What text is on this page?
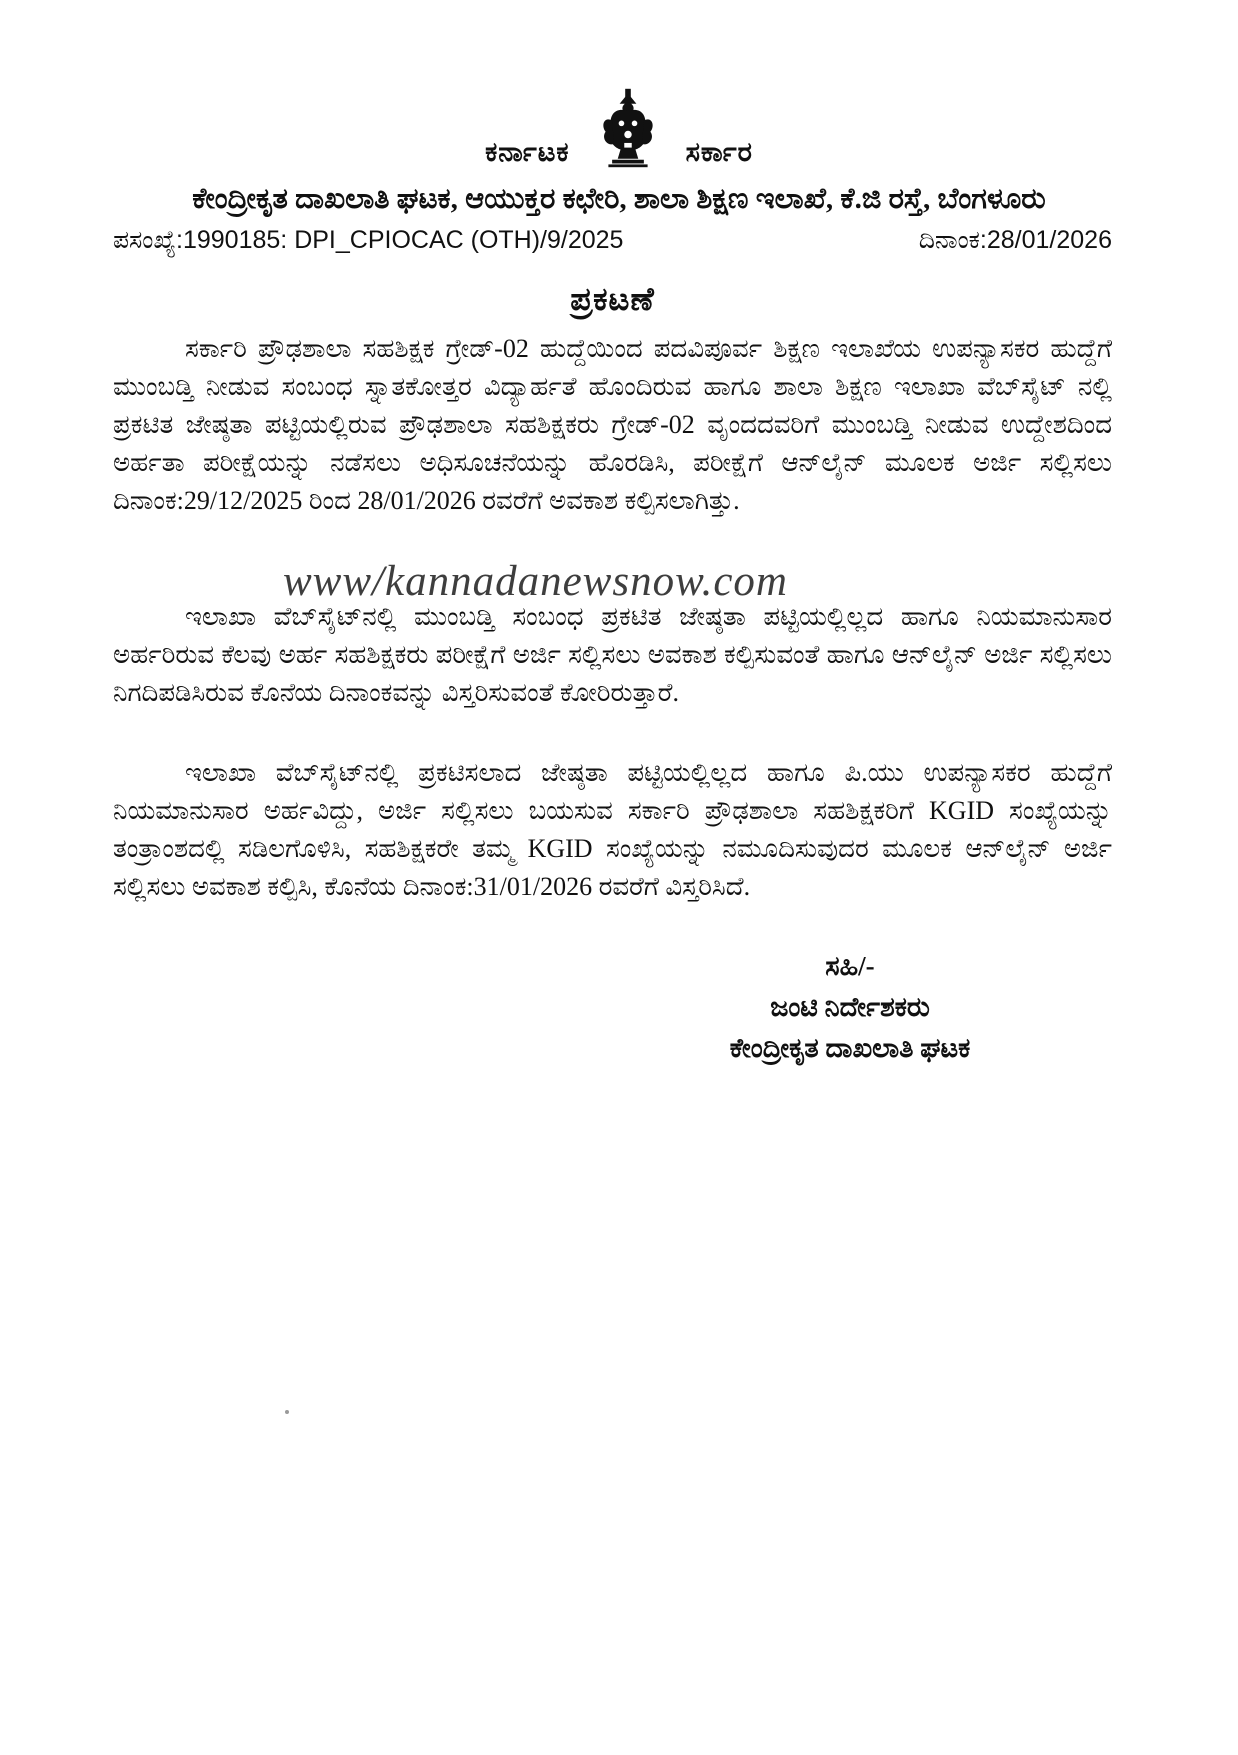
ಕರ್ನಾಟಕ	ಸರ್ಕಾರ
ಕೇಂದ್ರೀಕೃತ ದಾಖಲಾತಿ ಘಟಕ, ಆಯುಕ್ತರ ಕಛೇರಿ, ಶಾಲಾ ಶಿಕ್ಷಣ ಇಲಾಖೆ, ಕೆ.ಜಿ ರಸ್ತೆ, ಬೆಂಗಳೂರು
ಪಸಂಖ್ಯೆ:1990185: DPI_CPIOCAC (OTH)/9/2025	ದಿನಾಂಕ:28/01/2026
ಪ್ರಕಟಣೆ

ಸರ್ಕಾರಿ ಪ್ರೌಢಶಾಲಾ ಸಹಶಿಕ್ಷಕ ಗ್ರೇಡ್-02 ಹುದ್ದೆಯಿಂದ ಪದವಿಪೂರ್ವ ಶಿಕ್ಷಣ ಇಲಾಖೆಯ ಉಪನ್ಯಾಸಕರ ಹುದ್ದೆಗೆ ಮುಂಬಡ್ತಿ ನೀಡುವ ಸಂಬಂಧ ಸ್ನಾತಕೋತ್ತರ ವಿದ್ಯಾರ್ಹತೆ ಹೊಂದಿರುವ ಹಾಗೂ ಶಾಲಾ ಶಿಕ್ಷಣ ಇಲಾಖಾ ವೆಬ್‌ಸೈಟ್ ನಲ್ಲಿ ಪ್ರಕಟಿತ ಜೇಷ್ಠತಾ ಪಟ್ಟಿಯಲ್ಲಿರುವ ಪ್ರೌಢಶಾಲಾ ಸಹಶಿಕ್ಷಕರು ಗ್ರೇಡ್-02 ವೃಂದದವರಿಗೆ ಮುಂಬಡ್ತಿ ನೀಡುವ ಉದ್ದೇಶದಿಂದ ಅರ್ಹತಾ ಪರೀಕ್ಷೆಯನ್ನು ನಡೆಸಲು ಅಧಿಸೂಚನೆಯನ್ನು ಹೊರಡಿಸಿ, ಪರೀಕ್ಷೆಗೆ ಆನ್‌ಲೈನ್ ಮೂಲಕ ಅರ್ಜಿ ಸಲ್ಲಿಸಲು ದಿನಾಂಕ:29/12/2025 ರಿಂದ 28/01/2026 ರವರೆಗೆ ಅವಕಾಶ ಕಲ್ಪಿಸಲಾಗಿತ್ತು.

ಇಲಾಖಾ ವೆಬ್‌ಸೈಟ್‌ನಲ್ಲಿ ಮುಂಬಡ್ತಿ ಸಂಬಂಧ ಪ್ರಕಟಿತ ಜೇಷ್ಠತಾ ಪಟ್ಟಿಯಲ್ಲಿಲ್ಲದ ಹಾಗೂ ನಿಯಮಾನುಸಾರ ಅರ್ಹರಿರುವ ಕೆಲವು ಅರ್ಹ ಸಹಶಿಕ್ಷಕರು ಪರೀಕ್ಷೆಗೆ ಅರ್ಜಿ ಸಲ್ಲಿಸಲು ಅವಕಾಶ ಕಲ್ಪಿಸುವಂತೆ ಹಾಗೂ ಆನ್‌ಲೈನ್ ಅರ್ಜಿ ಸಲ್ಲಿಸಲು ನಿಗದಿಪಡಿಸಿರುವ ಕೊನೆಯ ದಿನಾಂಕವನ್ನು ವಿಸ್ತರಿಸುವಂತೆ ಕೋರಿರುತ್ತಾರೆ.

ಇಲಾಖಾ ವೆಬ್‌ಸೈಟ್‌ನಲ್ಲಿ ಪ್ರಕಟಿಸಲಾದ ಜೇಷ್ಠತಾ ಪಟ್ಟಿಯಲ್ಲಿಲ್ಲದ ಹಾಗೂ ಪಿ.ಯು ಉಪನ್ಯಾಸಕರ ಹುದ್ದೆಗೆ ನಿಯಮಾನುಸಾರ ಅರ್ಹವಿದ್ದು, ಅರ್ಜಿ ಸಲ್ಲಿಸಲು ಬಯಸುವ ಸರ್ಕಾರಿ ಪ್ರೌಢಶಾಲಾ ಸಹಶಿಕ್ಷಕರಿಗೆ KGID ಸಂಖ್ಯೆಯನ್ನು ತಂತ್ರಾಂಶದಲ್ಲಿ ಸಡಿಲಗೊಳಿಸಿ, ಸಹಶಿಕ್ಷಕರೇ ತಮ್ಮ KGID ಸಂಖ್ಯೆಯನ್ನು ನಮೂದಿಸುವುದರ ಮೂಲಕ ಆನ್‌ಲೈನ್ ಅರ್ಜಿ ಸಲ್ಲಿಸಲು ಅವಕಾಶ ಕಲ್ಪಿಸಿ, ಕೊನೆಯ ದಿನಾಂಕ:31/01/2026 ರವರೆಗೆ ವಿಸ್ತರಿಸಿದೆ.

www/kannadanewsnow.com
ಸಹಿ/-
ಜಂಟಿ ನಿರ್ದೇಶಕರು
ಕೇಂದ್ರೀಕೃತ ದಾಖಲಾತಿ ಘಟಕ
